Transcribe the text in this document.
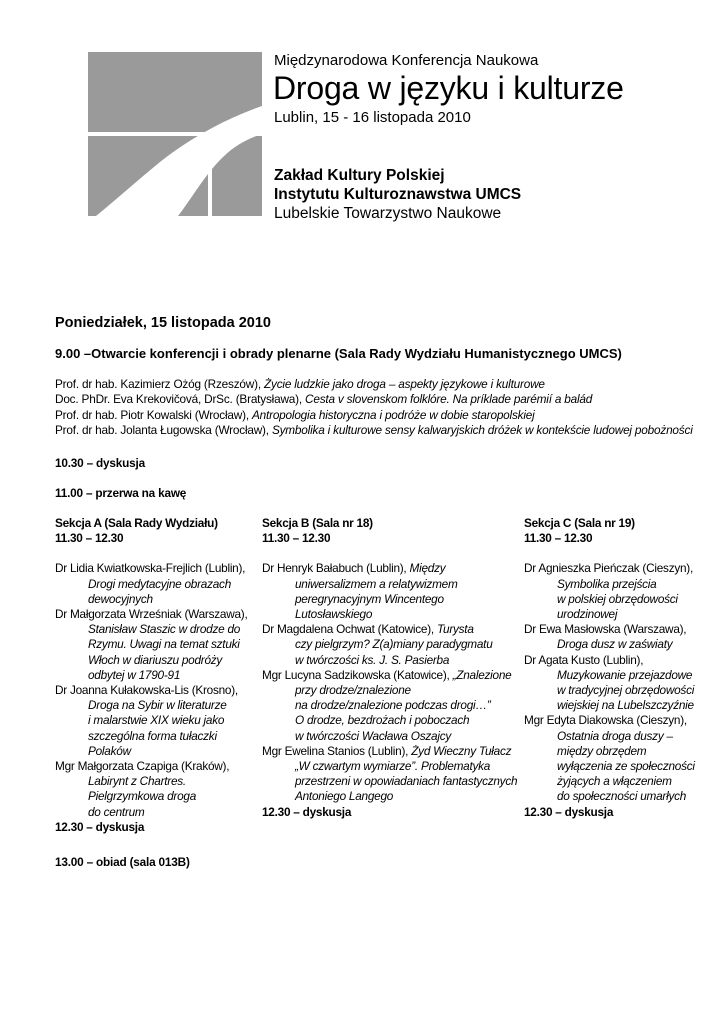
Międzynarodowa Konferencja Naukowa
Droga w języku i kulturze
Lublin, 15 - 16 listopada 2010
Zakład Kultury Polskiej
Instytutu Kulturoznawstwa UMCS
Lubelskie Towarzystwo Naukowe
Poniedziałek, 15 listopada 2010
9.00 –Otwarcie konferencji i obrady plenarne (Sala Rady Wydziału Humanistycznego UMCS)
Prof. dr hab. Kazimierz Ożóg (Rzeszów), Życie ludzkie jako droga – aspekty językowe i kulturowe
Doc. PhDr. Eva Krekovičová, DrSc. (Bratysława), Cesta v slovenskom folklóre. Na príklade parémií a balád
Prof. dr hab. Piotr Kowalski (Wrocław), Antropologia historyczna i podróże w dobie staropolskiej
Prof. dr hab. Jolanta Ługowska (Wrocław), Symbolika i kulturowe sensy kalwaryjskich dróżek w kontekście ludowej pobożności
10.30 – dyskusja
11.00 – przerwa na kawę
Sekcja A (Sala Rady Wydziału)
11.30 – 12.30
Dr Lidia Kwiatkowska-Frejlich (Lublin),
Drogi medytacyjne obrazach
dewocyjnych
Dr Małgorzata Wrześniak (Warszawa),
Stanisław Staszic w drodze do
Rzymu. Uwagi na temat sztuki
Włoch w diariuszu podróży
odbytej w 1790-91
Dr Joanna Kułakowska-Lis (Krosno),
Droga na Sybir w literaturze
i malarstwie XIX wieku jako
szczególna forma tułaczki
Polaków
Mgr Małgorzata Czapiga (Kraków),
Labirynt z Chartres.
Pielgrzymkowa droga
do centrum
12.30 – dyskusja
Sekcja B (Sala nr 18)
11.30 – 12.30
Dr Henryk Bałabuch (Lublin), Między
uniwersalizmem a relatywizmem
peregrynacyjnym Wincentego
Lutosławskiego
Dr Magdalena Ochwat (Katowice), Turysta
czy pielgrzym? Z(a)miany paradygmatu
w twórczości ks. J. S. Pasierba
Mgr Lucyna Sadzikowska (Katowice), „Znalezione
przy drodze/znalezione
na drodze/znalezione podczas drogi…”
O drodze, bezdrożach i poboczach
w twórczości Wacława Oszajcy
Mgr Ewelina Stanios (Lublin), Żyd Wieczny Tułacz
„W czwartym wymiarze”. Problematyka
przestrzeni w opowiadaniach fantastycznych
Antoniego Langego
12.30 – dyskusja
Sekcja C (Sala nr 19)
11.30 – 12.30
Dr Agnieszka Pieńczak (Cieszyn),
Symbolika przejścia
w polskiej obrzędowości
urodzinowej
Dr Ewa Masłowska (Warszawa),
Droga dusz w zaświaty
Dr Agata Kusto (Lublin),
Muzykowanie przejazdowe
w tradycyjnej obrzędowości
wiejskiej na Lubelszczyźnie
Mgr Edyta Diakowska (Cieszyn),
Ostatnia droga duszy –
między obrzędem
wyłączenia ze społeczności
żyjących a włączeniem
do społeczności umarłych
12.30 – dyskusja
13.00 – obiad (sala 013B)
